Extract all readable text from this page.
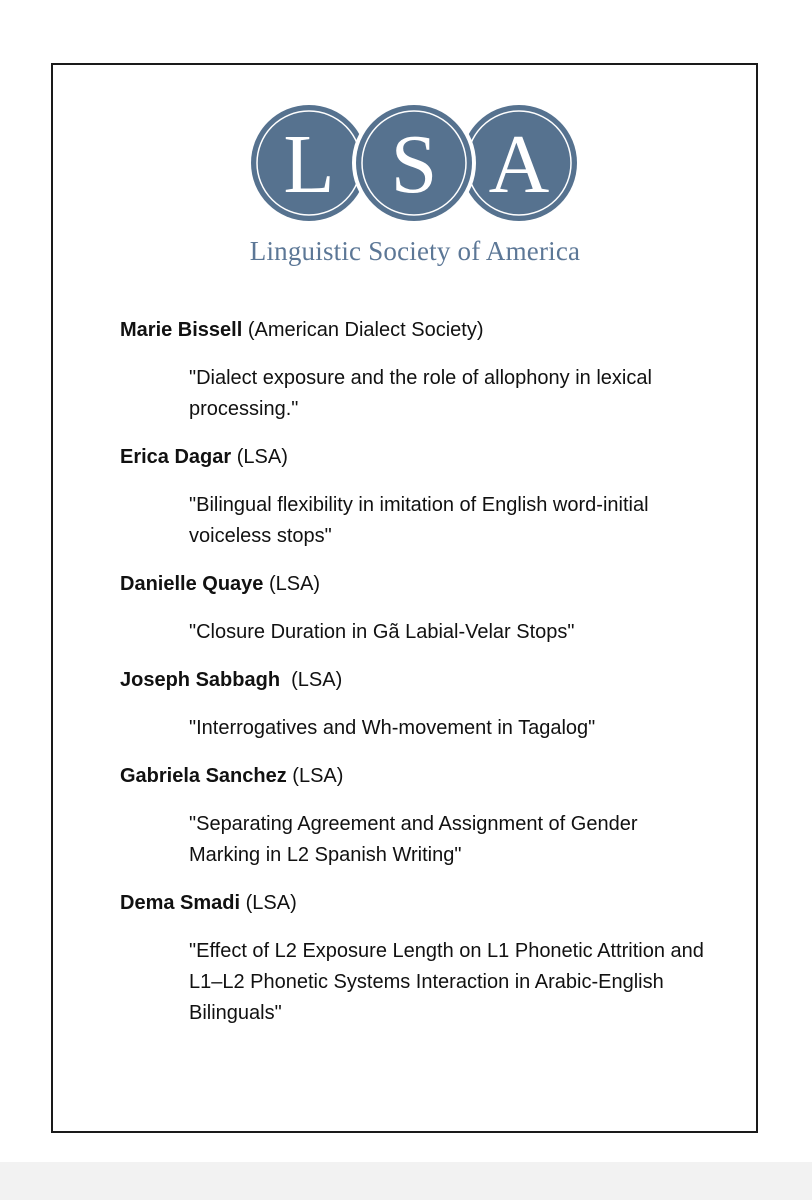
L S A
Linguistic Society of America
Marie Bissell (American Dialect Society)
"Dialect exposure and the role of allophony in lexical processing."
Erica Dagar (LSA)
"Bilingual flexibility in imitation of English word-initial voiceless stops"
Danielle Quaye (LSA)
"Closure Duration in Gã Labial-Velar Stops"
Joseph Sabbagh  (LSA)
"Interrogatives and Wh-movement in Tagalog"
Gabriela Sanchez (LSA)
"Separating Agreement and Assignment of Gender Marking in L2 Spanish Writing"
Dema Smadi (LSA)
"Effect of L2 Exposure Length on L1 Phonetic Attrition and L1–L2 Phonetic Systems Interaction in Arabic-English Bilinguals"
